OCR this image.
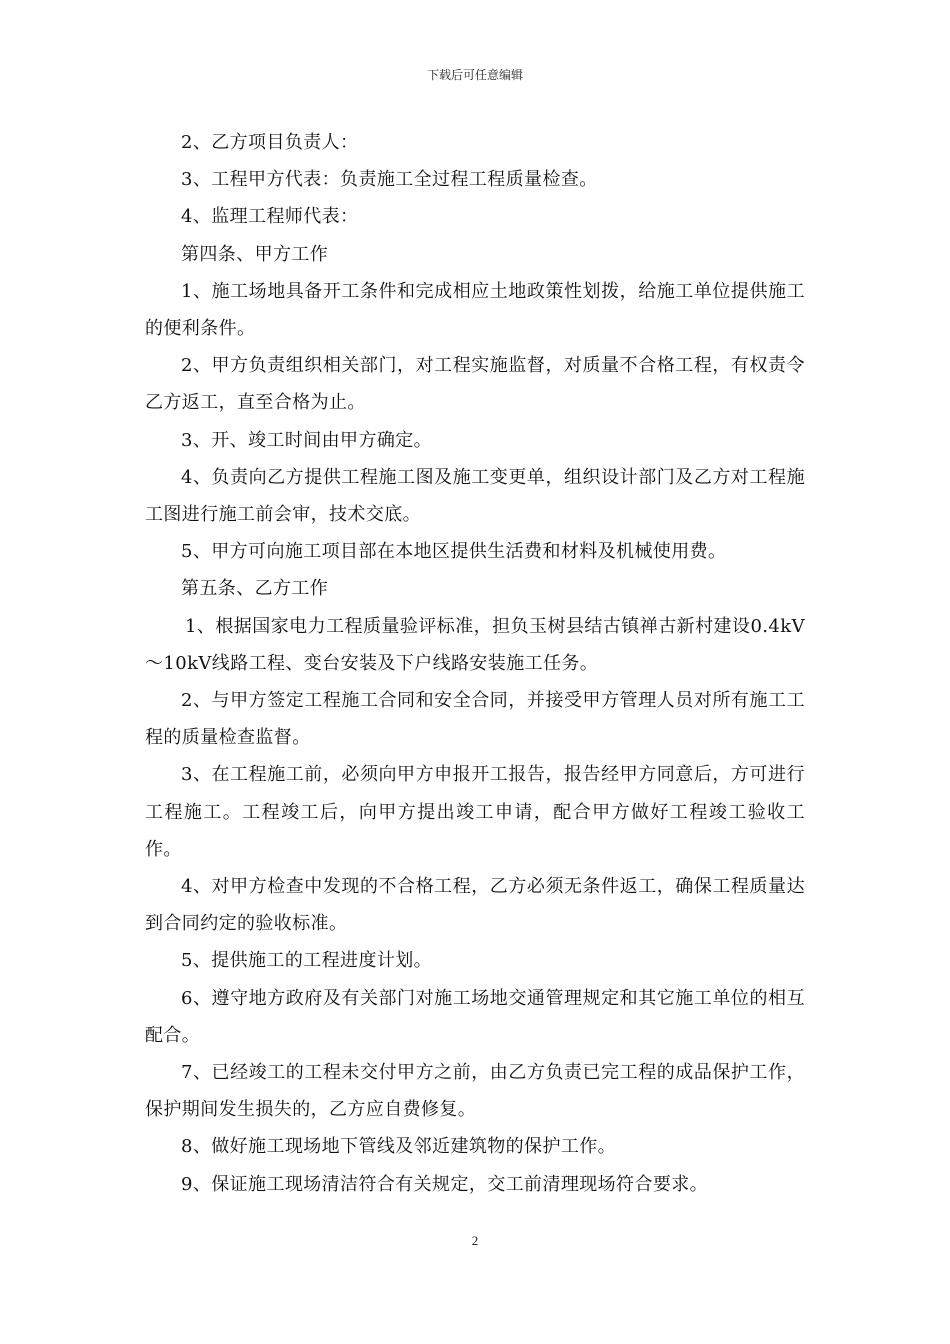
下载后可任意编辑

2、乙方项目负责人：

3、工程甲方代表：负责施工全过程工程质量检查。

4、监理工程师代表：

第四条、甲方工作

1、施工场地具备开工条件和完成相应土地政策性划拨，给施工单位提供施工的便利条件。

2、甲方负责组织相关部门，对工程实施监督，对质量不合格工程，有权责令乙方返工，直至合格为止。

3、开、竣工时间由甲方确定。

4、负责向乙方提供工程施工图及施工变更单，组织设计部门及乙方对工程施工图进行施工前会审，技术交底。

5、甲方可向施工项目部在本地区提供生活费和材料及机械使用费。

第五条、乙方工作

1、根据国家电力工程质量验评标准，担负玉树县结古镇禅古新村建设0.4kV～10kV线路工程、变台安装及下户线路安装施工任务。

2、与甲方签定工程施工合同和安全合同，并接受甲方管理人员对所有施工工程的质量检查监督。

3、在工程施工前，必须向甲方申报开工报告，报告经甲方同意后，方可进行工程施工。工程竣工后，向甲方提出竣工申请，配合甲方做好工程竣工验收工作。

4、对甲方检查中发现的不合格工程，乙方必须无条件返工，确保工程质量达到合同约定的验收标准。

5、提供施工的工程进度计划。

6、遵守地方政府及有关部门对施工场地交通管理规定和其它施工单位的相互配合。

7、已经竣工的工程未交付甲方之前，由乙方负责已完工程的成品保护工作，保护期间发生损失的，乙方应自费修复。

8、做好施工现场地下管线及邻近建筑物的保护工作。

9、保证施工现场清洁符合有关规定，交工前清理现场符合要求。

2
